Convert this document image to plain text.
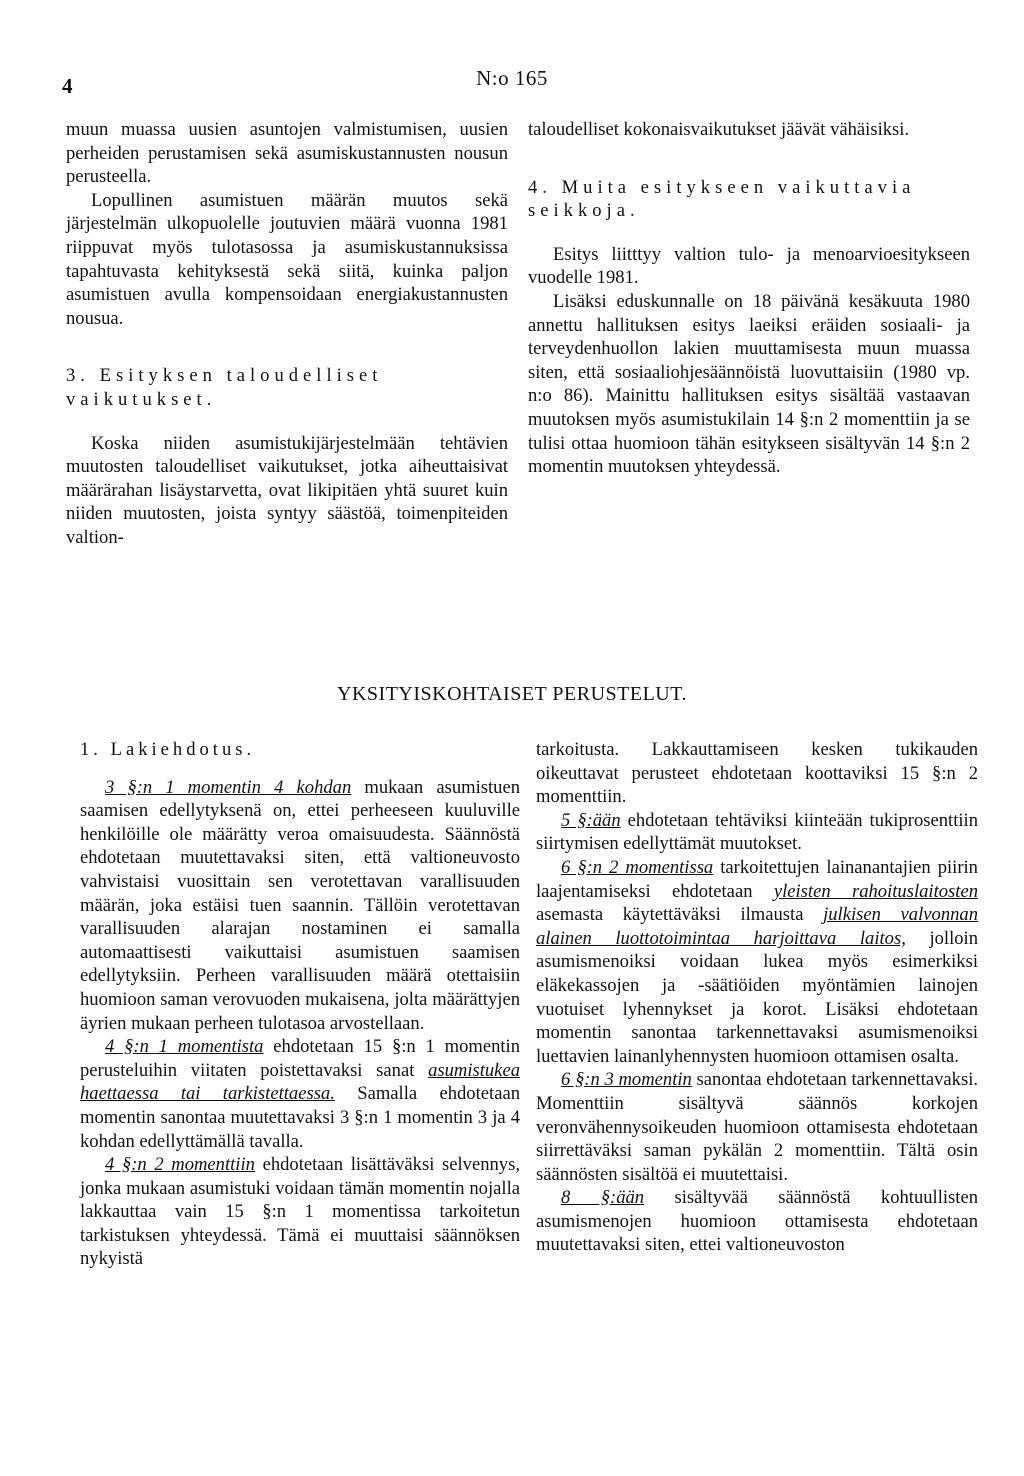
4	N:o 165

muun muassa uusien asuntojen valmistumisen, uusien perheiden perustamisen sekä asumiskustannusten nousun perusteella.

Lopullinen asumistuen määrän muutos sekä järjestelmän ulkopuolelle joutuvien määrä vuonna 1981 riippuvat myös tulotasossa ja asumiskustannuksissa tapahtuvasta kehityksestä sekä siitä, kuinka paljon asumistuen avulla kompensoidaan energiakustannusten nousua.

3. Esityksen taloudelliset vaikutukset.

Koska niiden asumistukijärjestelmään tehtävien muutosten taloudelliset vaikutukset, jotka aiheuttaisivat määrärahan lisäystarvetta, ovat likipitäen yhtä suuret kuin niiden muutosten, joista syntyy säästöä, toimenpiteiden valtion-

taloudelliset kokonaisvaikutukset jäävät vähäisiksi.

4. Muita esitykseen vaikuttavia seikkoja.

Esitys liitttyy valtion tulo- ja menoarvioesitykseen vuodelle 1981.

Lisäksi eduskunnalle on 18 päivänä kesäkuuta 1980 annettu hallituksen esitys laeiksi eräiden sosiaali- ja terveydenhuollon lakien muuttamisesta muun muassa siten, että sosiaaliohjesäännöistä luovuttaisiin (1980 vp. n:o 86). Mainittu hallituksen esitys sisältää vastaavan muutoksen myös asumistukilain 14 §:n 2 momenttiin ja se tulisi ottaa huomioon tähän esitykseen sisältyvän 14 §:n 2 momentin muutoksen yhteydessä.

YKSITYISKOHTAISET PERUSTELUT.

1. Lakiehdotus.

3 §:n 1 momentin 4 kohdan mukaan asumistuen saamisen edellytyksenä on, ettei perheeseen kuuluville henkilöille ole määrätty veroa omaisuudesta. Säännöstä ehdotetaan muutettavaksi siten, että valtioneuvosto vahvistaisi vuosittain sen verotettavan varallisuuden määrän, joka estäisi tuen saannin. Tällöin verotettavan varallisuuden alarajan nostaminen ei samalla automaattisesti vaikuttaisi asumistuen saamisen edellytyksiin. Perheen varallisuuden määrä otettaisiin huomioon saman verovuoden mukaisena, jolta määrättyjen äyrien mukaan perheen tulotasoa arvostellaan.

4 §:n 1 momentista ehdotetaan 15 §:n 1 momentin perusteluihin viitaten poistettavaksi sanat asumistukea haettaessa tai tarkistettaessa. Samalla ehdotetaan momentin sanontaa muutettavaksi 3 §:n 1 momentin 3 ja 4 kohdan edellyttämällä tavalla.

4 §:n 2 momenttiin ehdotetaan lisättäväksi selvennys, jonka mukaan asumistuki voidaan tämän momentin nojalla lakkauttaa vain 15 §:n 1 momentissa tarkoitetun tarkistuksen yhteydessä. Tämä ei muuttaisi säännöksen nykyistä

tarkoitusta. Lakkauttamiseen kesken tukikauden oikeuttavat perusteet ehdotetaan koottaviksi 15 §:n 2 momenttiin.

5 §:ään ehdotetaan tehtäviksi kiinteään tukiprosenttiin siirtymisen edellyttämät muutokset.

6 §:n 2 momentissa tarkoitettujen lainanantajien piirin laajentamiseksi ehdotetaan yleisten rahoituslaitosten asemasta käytettäväksi ilmausta julkisen valvonnan alainen luottotoimintaa harjoittava laitos, jolloin asumismenoiksi voidaan lukea myös esimerkiksi eläkekassojen ja -säätiöiden myöntämien lainojen vuotuiset lyhennykset ja korot. Lisäksi ehdotetaan momentin sanontaa tarkennettavaksi asumismenoiksi luettavien lainanlyhennysten huomioon ottamisen osalta.

6 §:n 3 momentin sanontaa ehdotetaan tarkennettavaksi. Momenttiin sisältyvä säännös korkojen veronvähennysoikeuden huomioon ottamisesta ehdotetaan siirrettäväksi saman pykälän 2 momenttiin. Tältä osin säännösten sisältöä ei muutettaisi.

8 §:ään sisältyvää säännöstä kohtuullisten asumismenojen huomioon ottamisesta ehdotetaan muutettavaksi siten, ettei valtioneuvoston
